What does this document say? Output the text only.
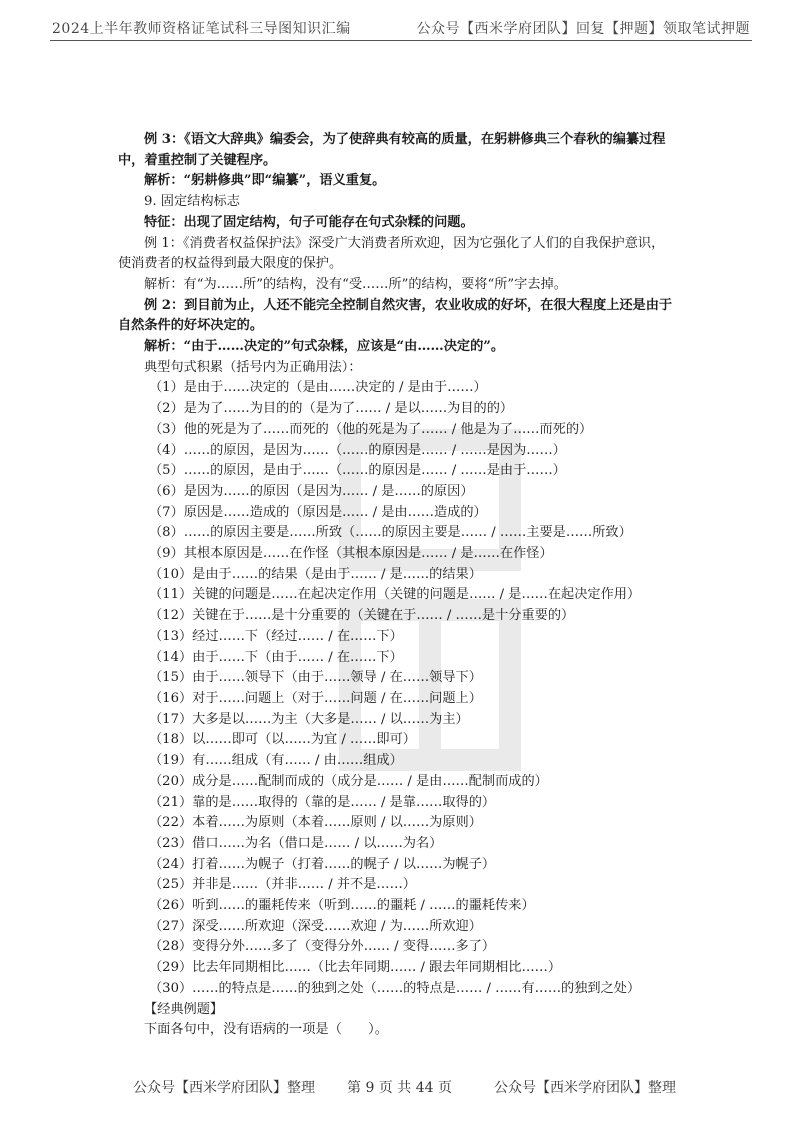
2024上半年教师资格证笔试科三导图知识汇编	公众号【西米学府团队】回复【押题】领取笔试押题

例 3：《语文大辞典》编委会，为了使辞典有较高的质量，在躬耕修典三个春秋的编纂过程

中，着重控制了关键程序。

解析：“躬耕修典”即“编纂”，语义重复。

9. 固定结构标志

特征：出现了固定结构，句子可能存在句式杂糅的问题。

例 1：《消费者权益保护法》深受广大消费者所欢迎，因为它强化了人们的自我保护意识，

使消费者的权益得到最大限度的保护。

解析：有“为……所”的结构，没有“受……所”的结构，要将“所”字去掉。

例 2：到目前为止，人还不能完全控制自然灾害，农业收成的好坏，在很大程度上还是由于

自然条件的好坏决定的。

解析：“由于……决定的”句式杂糅，应该是“由……决定的”。

典型句式积累（括号内为正确用法）：

（1）是由于……决定的（是由……决定的 / 是由于……）
（2）是为了……为目的的（是为了…… / 是以……为目的的）
（3）他的死是为了……而死的（他的死是为了…… / 他是为了……而死的）
（4）……的原因，是因为……（……的原因是…… / ……是因为……）
（5）……的原因，是由于……（……的原因是…… / ……是由于……）
（6）是因为……的原因（是因为…… / 是……的原因）
（7）原因是……造成的（原因是…… / 是由……造成的）
（8）……的原因主要是……所致（……的原因主要是…… / ……主要是……所致）
（9）其根本原因是……在作怪（其根本原因是…… / 是……在作怪）
（10）是由于……的结果（是由于…… / 是……的结果）
（11）关键的问题是……在起决定作用（关键的问题是…… / 是……在起决定作用）
（12）关键在于……是十分重要的（关键在于…… / ……是十分重要的）
（13）经过……下（经过…… / 在……下）
（14）由于……下（由于…… / 在……下）
（15）由于……领导下（由于……领导 / 在……领导下）
（16）对于……问题上（对于……问题 / 在……问题上）
（17）大多是以……为主（大多是…… / 以……为主）
（18）以……即可（以……为宜 / ……即可）
（19）有……组成（有…… / 由……组成）
（20）成分是……配制而成的（成分是…… / 是由……配制而成的）
（21）靠的是……取得的（靠的是…… / 是靠……取得的）
（22）本着……为原则（本着……原则 / 以……为原则）
（23）借口……为名（借口是…… / 以……为名）
（24）打着……为幌子（打着……的幌子 / 以……为幌子）
（25）并非是……（并非…… / 并不是……）
（26）听到……的噩耗传来（听到……的噩耗 / ……的噩耗传来）
（27）深受……所欢迎（深受……欢迎 / 为……所欢迎）
（28）变得分外……多了（变得分外…… / 变得……多了）
（29）比去年同期相比……（比去年同期…… / 跟去年同期相比……）
（30）……的特点是……的独到之处（……的特点是…… / ……有……的独到之处）

【经典例题】

下面各句中，没有语病的一项是（　　）。

公众号【西米学府团队】整理 第 9 页 共 44 页	公众号【西米学府团队】整理
